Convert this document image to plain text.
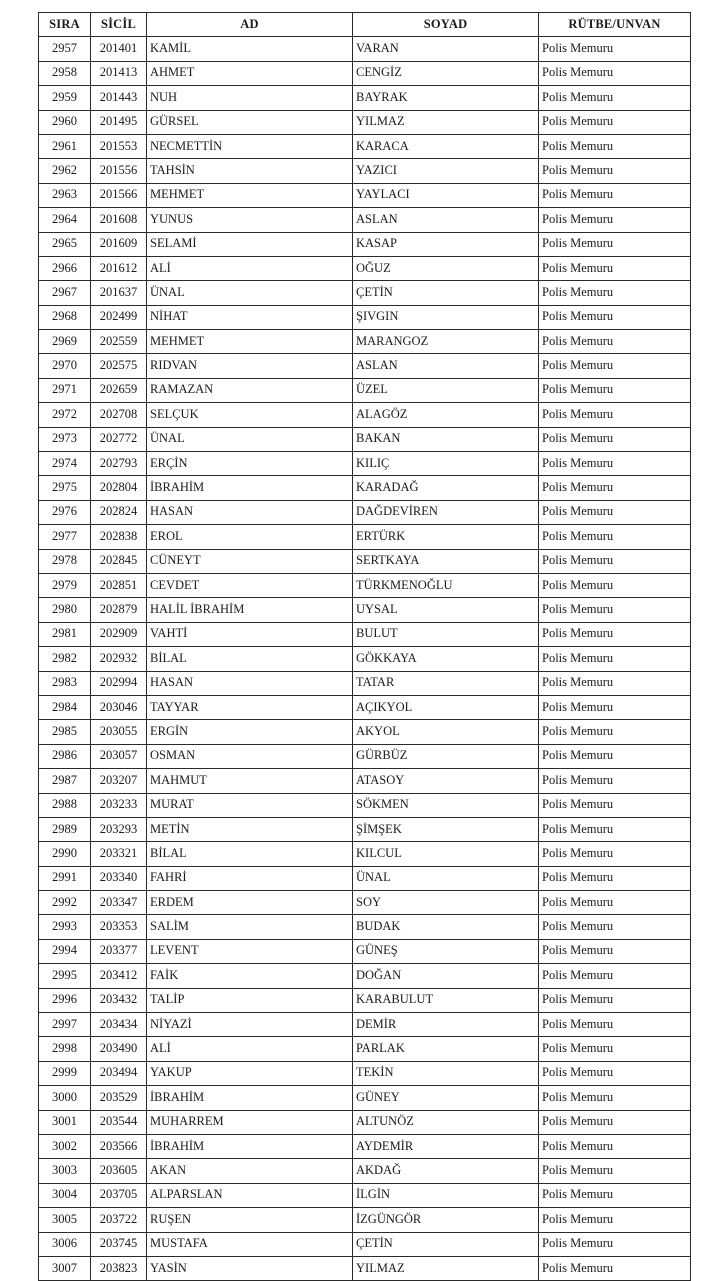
SIRA	SİCİL	AD	SOYAD	RÜTBE/UNVAN
2957	201401	KAMİL	VARAN	Polis Memuru
2958	201413	AHMET	CENGİZ	Polis Memuru
2959	201443	NUH	BAYRAK	Polis Memuru
2960	201495	GÜRSEL	YILMAZ	Polis Memuru
2961	201553	NECMETTİN	KARACA	Polis Memuru
2962	201556	TAHSİN	YAZICI	Polis Memuru
2963	201566	MEHMET	YAYLACI	Polis Memuru
2964	201608	YUNUS	ASLAN	Polis Memuru
2965	201609	SELAMİ	KASAP	Polis Memuru
2966	201612	ALİ	OĞUZ	Polis Memuru
2967	201637	ÜNAL	ÇETİN	Polis Memuru
2968	202499	NİHAT	ŞIVGIN	Polis Memuru
2969	202559	MEHMET	MARANGOZ	Polis Memuru
2970	202575	RIDVAN	ASLAN	Polis Memuru
2971	202659	RAMAZAN	ÜZEL	Polis Memuru
2972	202708	SELÇUK	ALAGÖZ	Polis Memuru
2973	202772	ÜNAL	BAKAN	Polis Memuru
2974	202793	ERÇİN	KILIÇ	Polis Memuru
2975	202804	İBRAHİM	KARADAĞ	Polis Memuru
2976	202824	HASAN	DAĞDEVİREN	Polis Memuru
2977	202838	EROL	ERTÜRK	Polis Memuru
2978	202845	CÜNEYT	SERTKAYA	Polis Memuru
2979	202851	CEVDET	TÜRKMENOĞLU	Polis Memuru
2980	202879	HALİL İBRAHİM	UYSAL	Polis Memuru
2981	202909	VAHTİ	BULUT	Polis Memuru
2982	202932	BİLAL	GÖKKAYA	Polis Memuru
2983	202994	HASAN	TATAR	Polis Memuru
2984	203046	TAYYAR	AÇIKYOL	Polis Memuru
2985	203055	ERGİN	AKYOL	Polis Memuru
2986	203057	OSMAN	GÜRBÜZ	Polis Memuru
2987	203207	MAHMUT	ATASOY	Polis Memuru
2988	203233	MURAT	SÖKMEN	Polis Memuru
2989	203293	METİN	ŞİMŞEK	Polis Memuru
2990	203321	BİLAL	KILCUL	Polis Memuru
2991	203340	FAHRİ	ÜNAL	Polis Memuru
2992	203347	ERDEM	SOY	Polis Memuru
2993	203353	SALİM	BUDAK	Polis Memuru
2994	203377	LEVENT	GÜNEŞ	Polis Memuru
2995	203412	FAİK	DOĞAN	Polis Memuru
2996	203432	TALİP	KARABULUT	Polis Memuru
2997	203434	NİYAZİ	DEMİR	Polis Memuru
2998	203490	ALİ	PARLAK	Polis Memuru
2999	203494	YAKUP	TEKİN	Polis Memuru
3000	203529	İBRAHİM	GÜNEY	Polis Memuru
3001	203544	MUHARREM	ALTUNÖZ	Polis Memuru
3002	203566	İBRAHİM	AYDEMİR	Polis Memuru
3003	203605	AKAN	AKDAĞ	Polis Memuru
3004	203705	ALPARSLAN	İLGİN	Polis Memuru
3005	203722	RUŞEN	İZGÜNGÖR	Polis Memuru
3006	203745	MUSTAFA	ÇETİN	Polis Memuru
3007	203823	YASİN	YILMAZ	Polis Memuru
